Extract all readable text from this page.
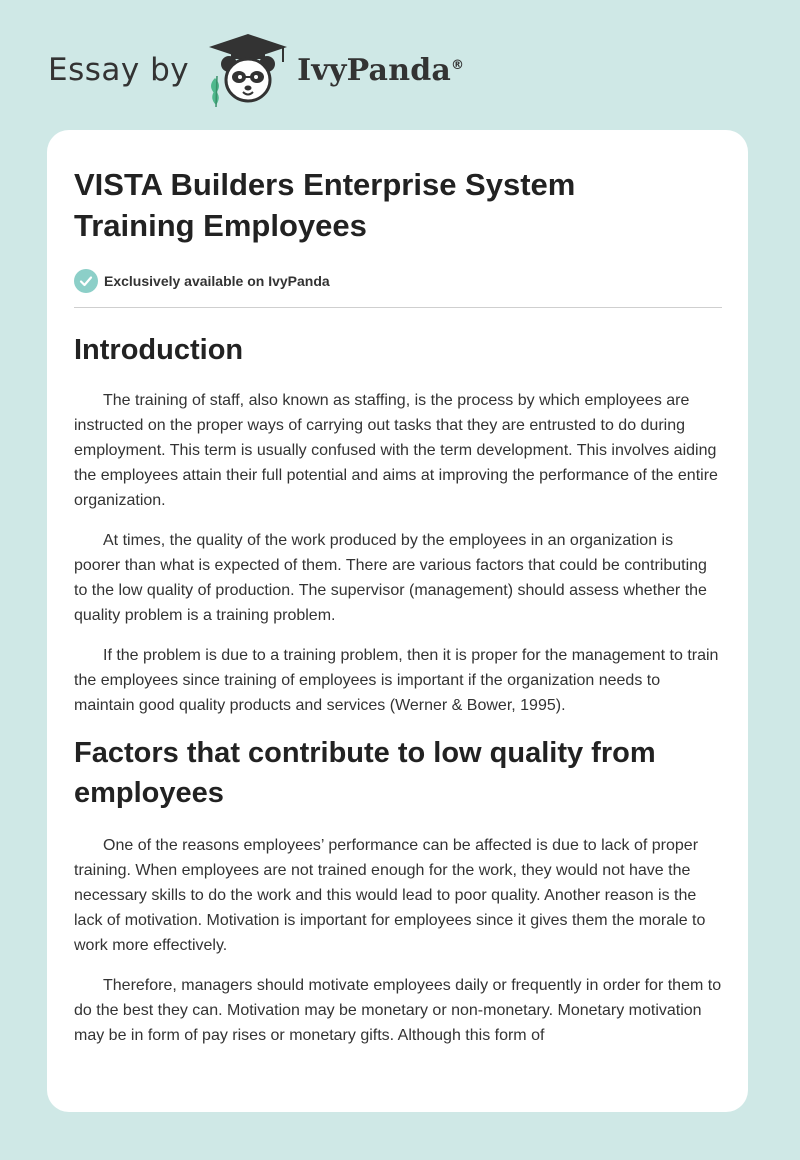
Essay by	IvyPanda®
VISTA Builders Enterprise System
Training Employees
Exclusively available on IvyPanda
Introduction

The training of staff, also known as staffing, is the process by which employees are instructed on the proper ways of carrying out tasks that they are entrusted to do during employment. This term is usually confused with the term development. This involves aiding the employees attain their full potential and aims at improving the performance of the entire organization.

At times, the quality of the work produced by the employees in an organization is poorer than what is expected of them. There are various factors that could be contributing to the low quality of production. The supervisor (management) should assess whether the quality problem is a training problem.

If the problem is due to a training problem, then it is proper for the management to train the employees since training of employees is important if the organization needs to maintain good quality products and services (Werner & Bower, 1995).

Factors that contribute to low quality from
employees

One of the reasons employees’ performance can be affected is due to lack of proper training. When employees are not trained enough for the work, they would not have the necessary skills to do the work and this would lead to poor quality. Another reason is the lack of motivation. Motivation is important for employees since it gives them the morale to work more effectively.

Therefore, managers should motivate employees daily or frequently in order for them to do the best they can. Motivation may be monetary or non-monetary. Monetary motivation may be in form of pay rises or monetary gifts. Although this form of
